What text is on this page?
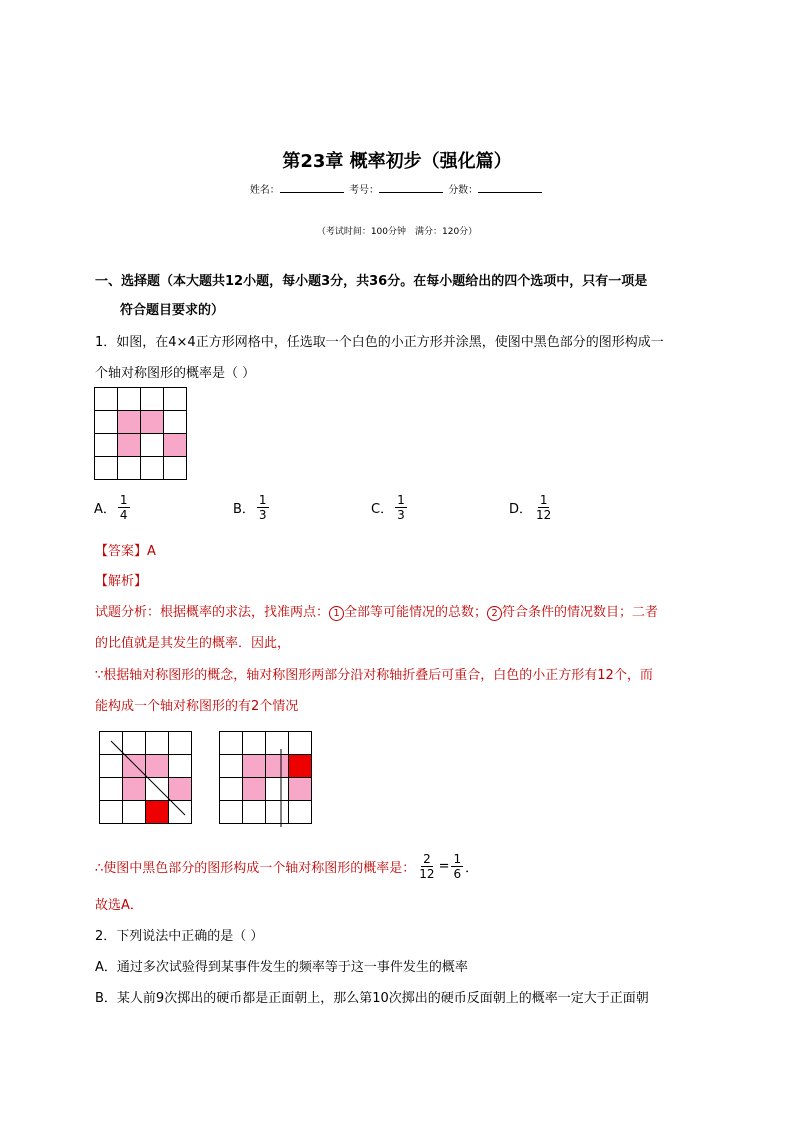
第23章 概率初步（强化篇）
姓名：	考号：	分数：
（考试时间：100分钟　满分：120分）
一、选择题（本大题共12小题，每小题3分，共36分。在每小题给出的四个选项中，只有一项是
符合题目要求的）
1．如图，在4×4正方形网格中，任选取一个白色的小正方形并涂黑，使图中黑色部分的图形构成一
个轴对称图形的概率是（ ）

A． $\frac{1}{4}$	B． $\frac{1}{3}$	C． $\frac{1}{3}$	D． $\frac{1}{12}$
【答案】A
【解析】
试题分析：根据概率的求法，找准两点： 1 全部等可能情况的总数； 2 符合条件的情况数目；二者
的比值就是其发生的概率．因此，
∵根据轴对称图形的概念，轴对称图形两部分沿对称轴折叠后可重合，白色的小正方形有12个，而
能构成一个轴对称图形的有2个情况

∴使图中黑色部分的图形构成一个轴对称图形的概率是： $\frac{2}{12} = \frac{1}{6}$ ．
故选A．
2．下列说法中正确的是（ ）
A．通过多次试验得到某事件发生的频率等于这一事件发生的概率
B．某人前9次掷出的硬币都是正面朝上，那么第10次掷出的硬币反面朝上的概率一定大于正面朝
